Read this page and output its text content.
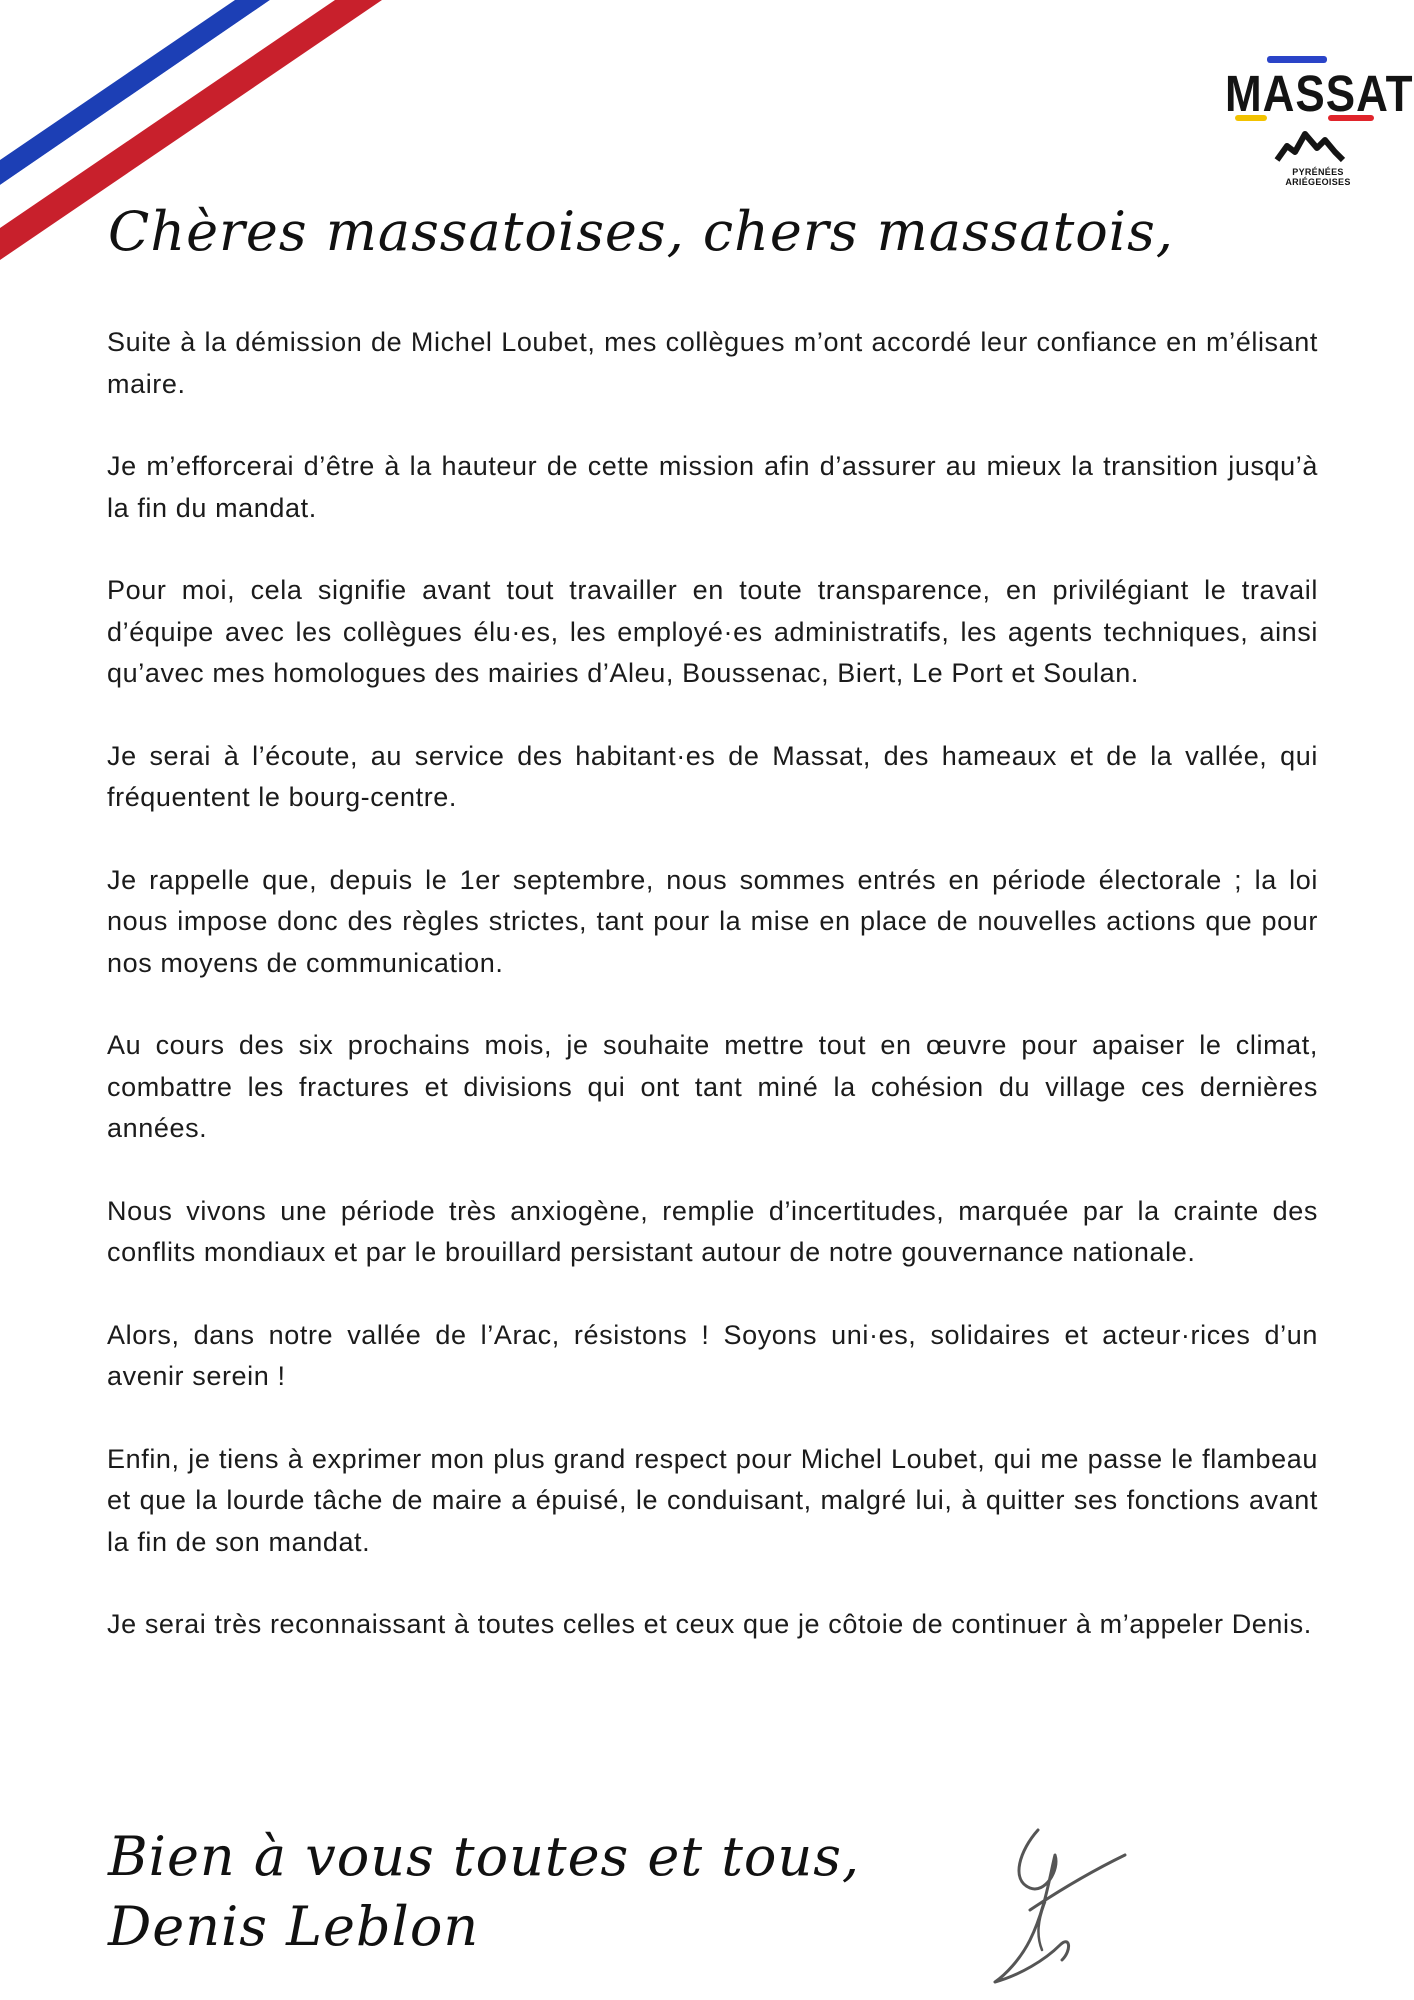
MASSAT
PYRÉNÉES ARIÉGEOISES
Chères massatoises, chers massatois,

Suite à la démission de Michel Loubet, mes collègues m’ont accordé leur confiance en m’élisant maire.

Je m’efforcerai d’être à la hauteur de cette mission afin d’assurer au mieux la transition jusqu’à la fin du mandat.

Pour moi, cela signifie avant tout travailler en toute transparence, en privilégiant le travail d’équipe avec les collègues élu·es, les employé·es administratifs, les agents techniques, ainsi qu’avec mes homologues des mairies d’Aleu, Boussenac, Biert, Le Port et Soulan.

Je serai à l’écoute, au service des habitant·es de Massat, des hameaux et de la vallée, qui fréquentent le bourg-centre.

Je rappelle que, depuis le 1er septembre, nous sommes entrés en période électorale ; la loi nous impose donc des règles strictes, tant pour la mise en place de nouvelles actions que pour nos moyens de communication.

Au cours des six prochains mois, je souhaite mettre tout en œuvre pour apaiser le climat, combattre les fractures et divisions qui ont tant miné la cohésion du village ces dernières années.

Nous vivons une période très anxiogène, remplie d’incertitudes, marquée par la crainte des conflits mondiaux et par le brouillard persistant autour de notre gouvernance nationale.

Alors, dans notre vallée de l’Arac, résistons ! Soyons uni·es, solidaires et acteur·rices d’un avenir serein !

Enfin, je tiens à exprimer mon plus grand respect pour Michel Loubet, qui me passe le flambeau et que la lourde tâche de maire a épuisé, le conduisant, malgré lui, à quitter ses fonctions avant la fin de son mandat.

Je serai très reconnaissant à toutes celles et ceux que je côtoie de continuer à m’appeler Denis.

Bien à vous toutes et tous,
Denis Leblon
